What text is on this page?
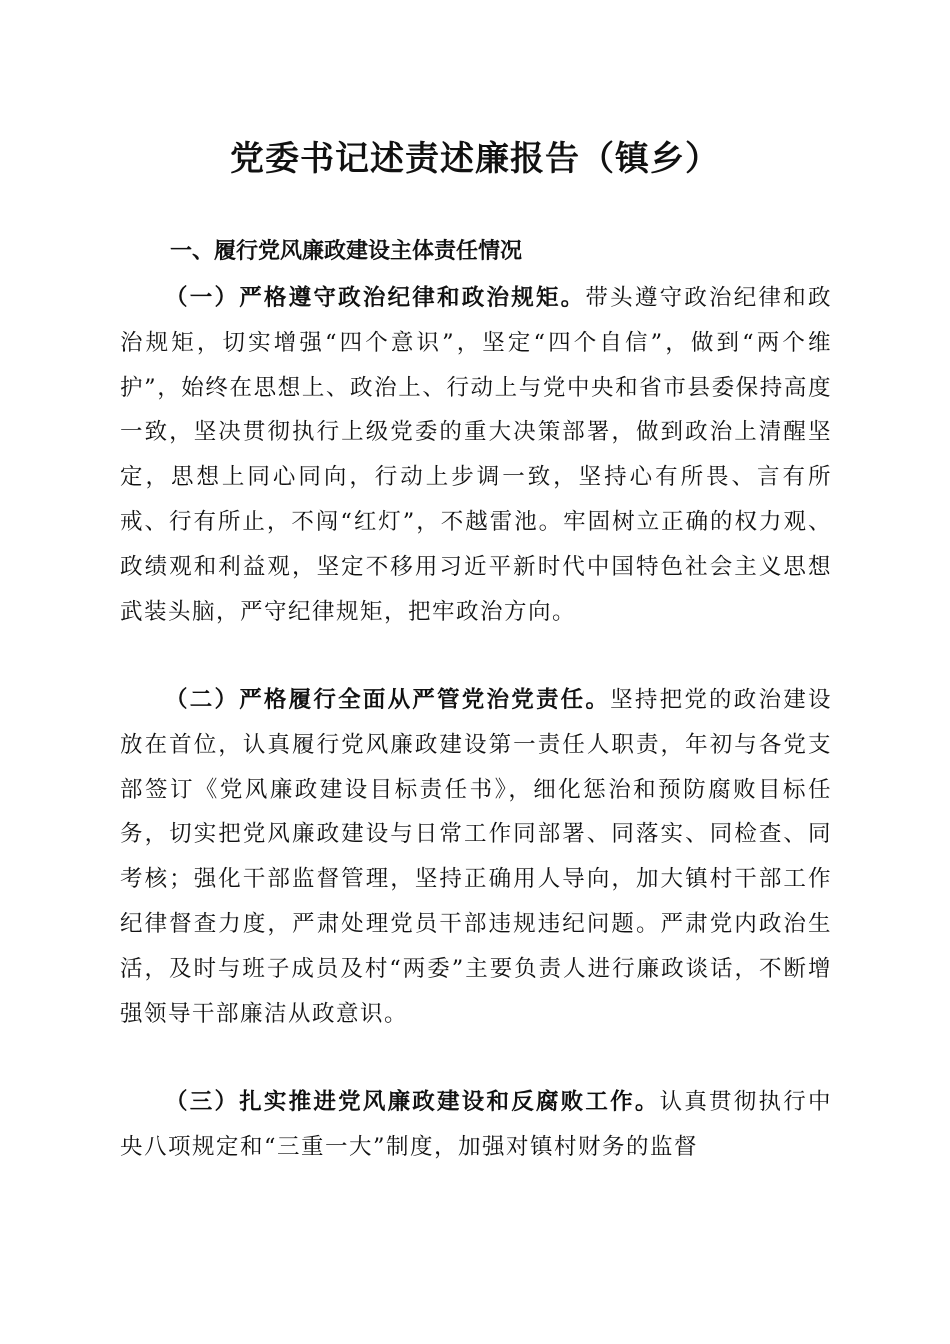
党委书记述责述廉报告（镇乡）
一、履行党风廉政建设主体责任情况

（一）严格遵守政治纪律和政治规矩。带头遵守政治纪律和政治规矩，切实增强“四个意识”，坚定“四个自信”，做到“两个维护”，始终在思想上、政治上、行动上与党中央和省市县委保持高度一致，坚决贯彻执行上级党委的重大决策部署，做到政治上清醒坚定，思想上同心同向，行动上步调一致，坚持心有所畏、言有所戒、行有所止，不闯“红灯”，不越雷池。牢固树立正确的权力观、政绩观和利益观，坚定不移用习近平新时代中国特色社会主义思想武装头脑，严守纪律规矩，把牢政治方向。

（二）严格履行全面从严管党治党责任。坚持把党的政治建设放在首位，认真履行党风廉政建设第一责任人职责，年初与各党支部签订《党风廉政建设目标责任书》，细化惩治和预防腐败目标任务，切实把党风廉政建设与日常工作同部署、同落实、同检查、同考核；强化干部监督管理，坚持正确用人导向，加大镇村干部工作纪律督查力度，严肃处理党员干部违规违纪问题。严肃党内政治生活，及时与班子成员及村“两委”主要负责人进行廉政谈话，不断增强领导干部廉洁从政意识。

（三）扎实推进党风廉政建设和反腐败工作。认真贯彻执行中央八项规定和“三重一大”制度，加强对镇村财务的监督
